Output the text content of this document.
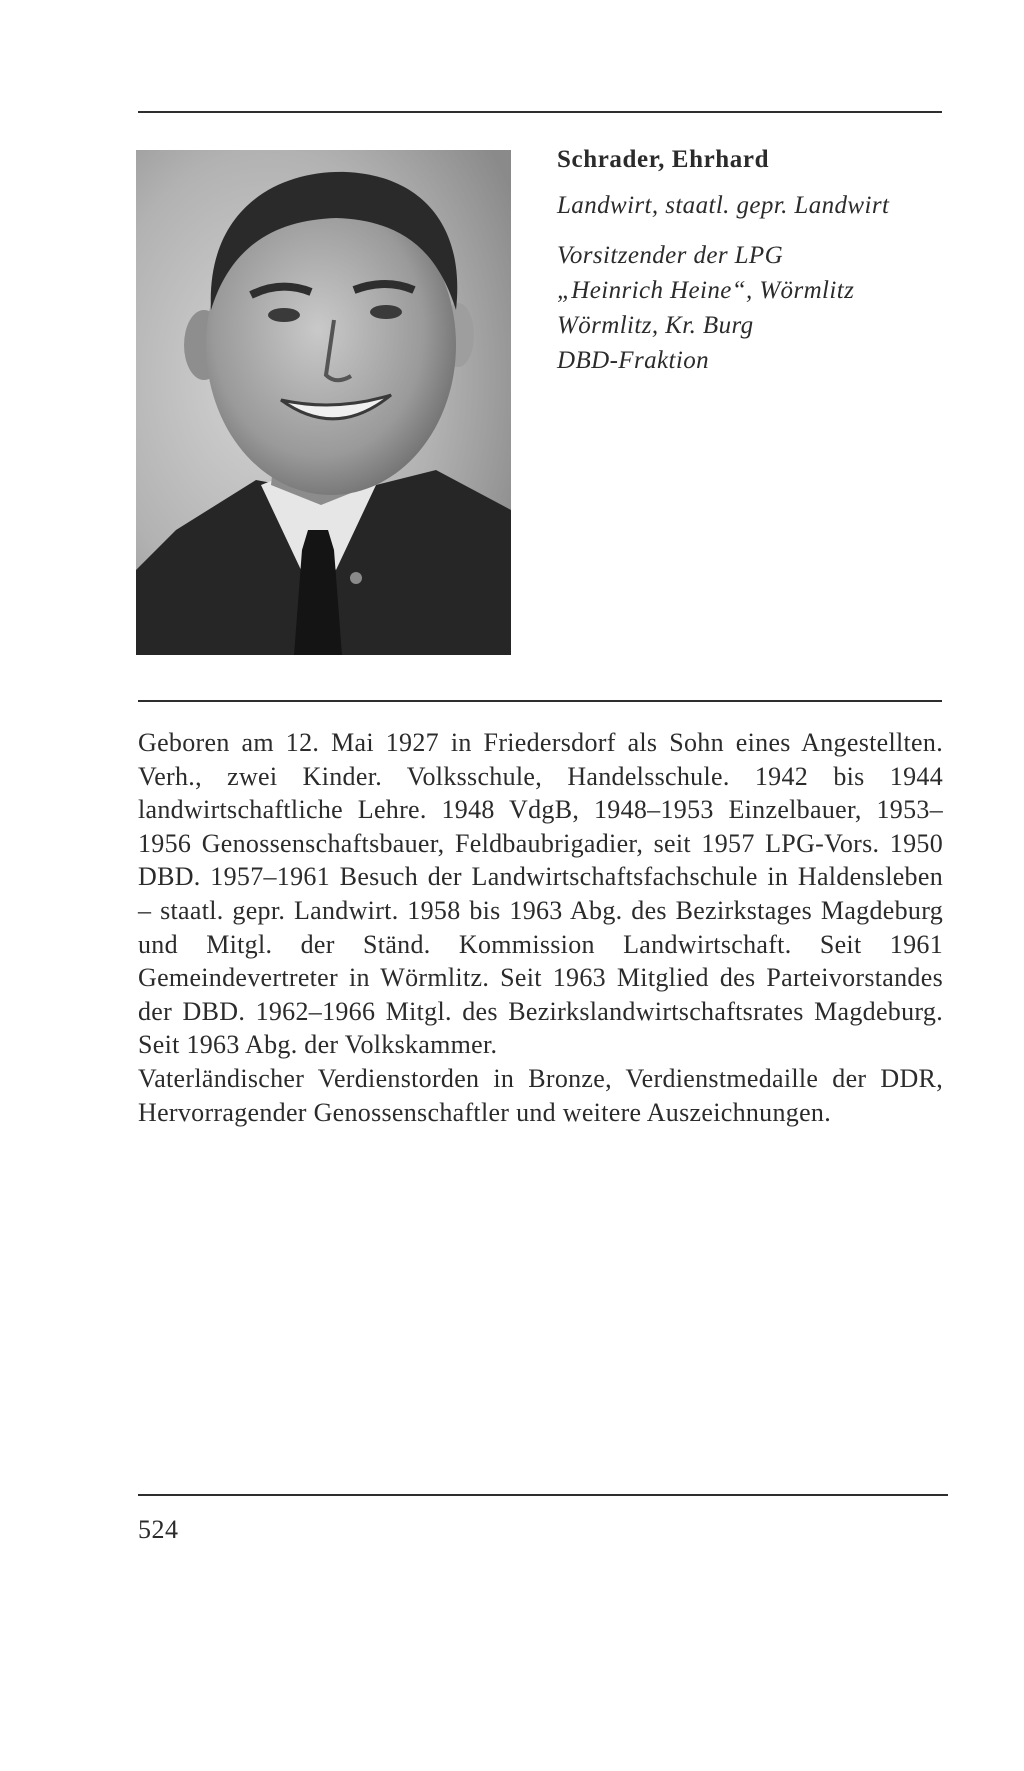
Schrader, Ehrhard
Landwirt, staatl. gepr. Landwirt
Vorsitzender der LPG
„Heinrich Heine“, Wörmlitz
Wörmlitz, Kr. Burg
DBD-Fraktion

Geboren am 12. Mai 1927 in Friedersdorf als Sohn eines Angestellten. Verh., zwei Kinder. Volksschule, Handelsschule. 1942 bis 1944 landwirtschaftliche Lehre. 1948 VdgB, 1948–1953 Einzelbauer, 1953–1956 Genossenschaftsbauer, Feldbaubrigadier, seit 1957 LPG-Vors. 1950 DBD. 1957–1961 Besuch der Landwirtschaftsfachschule in Haldensleben – staatl. gepr. Landwirt. 1958 bis 1963 Abg. des Bezirkstages Magdeburg und Mitgl. der Ständ. Kommission Landwirtschaft. Seit 1961 Gemeindevertreter in Wörmlitz. Seit 1963 Mitglied des Parteivorstandes der DBD. 1962–1966 Mitgl. des Bezirkslandwirtschaftsrates Magdeburg. Seit 1963 Abg. der Volkskammer.

Vaterländischer Verdienstorden in Bronze, Verdienstmedaille der DDR, Hervorragender Genossenschaftler und weitere Auszeichnungen.

524
